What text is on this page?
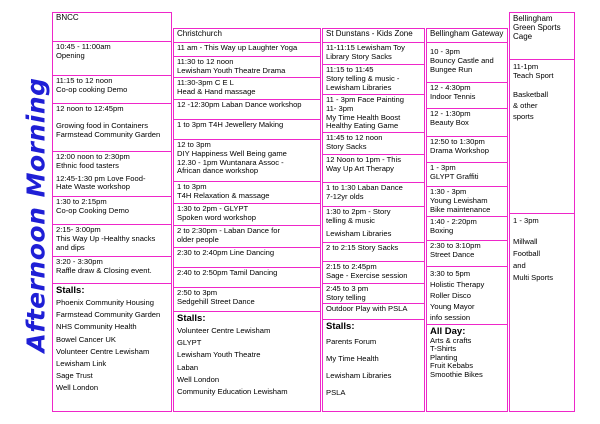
Afternoon Morning
BNCC
10:45 - 11:00am
Opening
11:15 to 12 noon
Co-op cooking Demo
12 noon to 12:45pm
Growing food in Containers
Farmstead Community Garden
12:00 noon to 2:30pm
Ethnic food tasters
12:45-1:30 pm Love Food-
Hate Waste workshop
1:30 to 2:15pm
Co-op Cooking Demo
2:15- 3:00pm
This Way Up -Healthy snacks
and dips
3:20 - 3:30pm
Raffle draw & Closing event.
Stalls:
Phoenix Community Housing
Farmstead Community Garden
NHS Community Health
Bowel Cancer UK
Volunteer Centre Lewisham
Lewisham Link
Sage Trust
Well London
Christchurch
11 am - This Way up Laughter Yoga
11:30 to 12 noon
Lewisham Youth Theatre Drama
11:30-3pm C E L
Head & Hand massage
12 -12:30pm Laban Dance workshop
1 to 3pm T4H Jewellery Making
12 to 3pm
DIY Happiness Well Being game
12.30 - 1pm Wuntanara Assoc -
African dance workshop
1 to 3pm
T4H Relaxation & massage
1:30 to 2pm - GLYPT
Spoken word workshop
2 to 2:30pm - Laban Dance for
older people
2:30 to 2:40pm Line Dancing
2:40 to 2:50pm Tamil Dancing
2:50 to 3pm
Sedgehill Street Dance
Stalls:
Volunteer Centre Lewisham
GLYPT
Lewisham Youth Theatre
Laban
Well London
Community Education Lewisham
St Dunstans - Kids Zone
11-11:15 Lewisham Toy
Library Story Sacks
11:15 to 11:45
Story telling & music -
Lewisham Libraries
11 - 3pm Face Painting
11- 3pm
My Time Health Boost
Healthy Eating Game
11:45 to 12 noon
Story Sacks
12 Noon to 1pm - This
Way Up Art Therapy
1 to 1:30 Laban Dance
7-12yr olds
1:30 to 2pm - Story
telling & music
Lewisham Libraries
2 to 2:15 Story Sacks
2:15 to 2:45pm
Sage - Exercise session
2:45 to 3 pm
Story telling
Outdoor Play with PSLA
Stalls:
Parents Forum
My Time Health
Lewisham Libraries
PSLA
Bellingham Gateway
10 - 3pm
Bouncy Castle and
Bungee Run
12 - 4:30pm
Indoor Tennis
12 - 1:30pm
Beauty Box
12:50 to 1:30pm
Drama Workshop
1 - 3pm
GLYPT Graffiti
1:30 - 3pm
Young Lewisham
Bike maintenance
1:40 - 2:20pm
Boxing
2:30 to 3:10pm
Street Dance
3:30 to 5pm
Holistic Therapy
Roller Disco
Young Mayor
info session
All Day:
Arts & crafts
T-Shirts
Planting
Fruit Kebabs
Smoothie Bikes
Bellingham Green Sports Cage
11-1pm
Teach Sport
Basketball
& other
sports
1 - 3pm
Millwall
Football
and
Multi Sports
